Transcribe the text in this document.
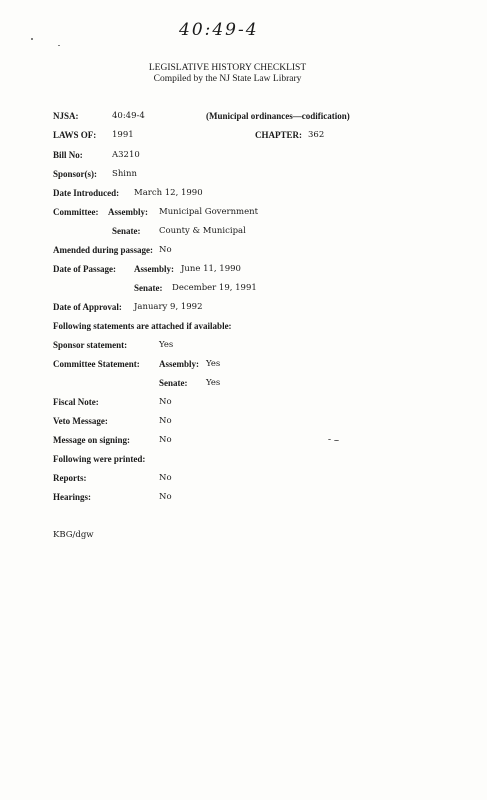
40:49-4
LEGISLATIVE HISTORY CHECKLIST
Compiled by the NJ State Law Library
NJSA:	40:49-4	(Municipal ordinances—codification)
LAWS OF: 1991	CHAPTER: 362
Bill No:	A3210
Sponsor(s): Shinn
Date Introduced: March 12, 1990
Committee: Assembly: Municipal Government
Senate: County & Municipal
Amended during passage: No
Date of Passage: Assembly: June 11, 1990
Senate: December 19, 1991
Date of Approval: January 9, 1992
Following statements are attached if available:
Sponsor statement:	Yes
Committee Statement: Assembly: Yes
Senate: Yes
Fiscal Note:	No
Veto Message:	No
Message on signing:	No
Following were printed:
Reports:	No
Hearings:	No
KBG/dgw
